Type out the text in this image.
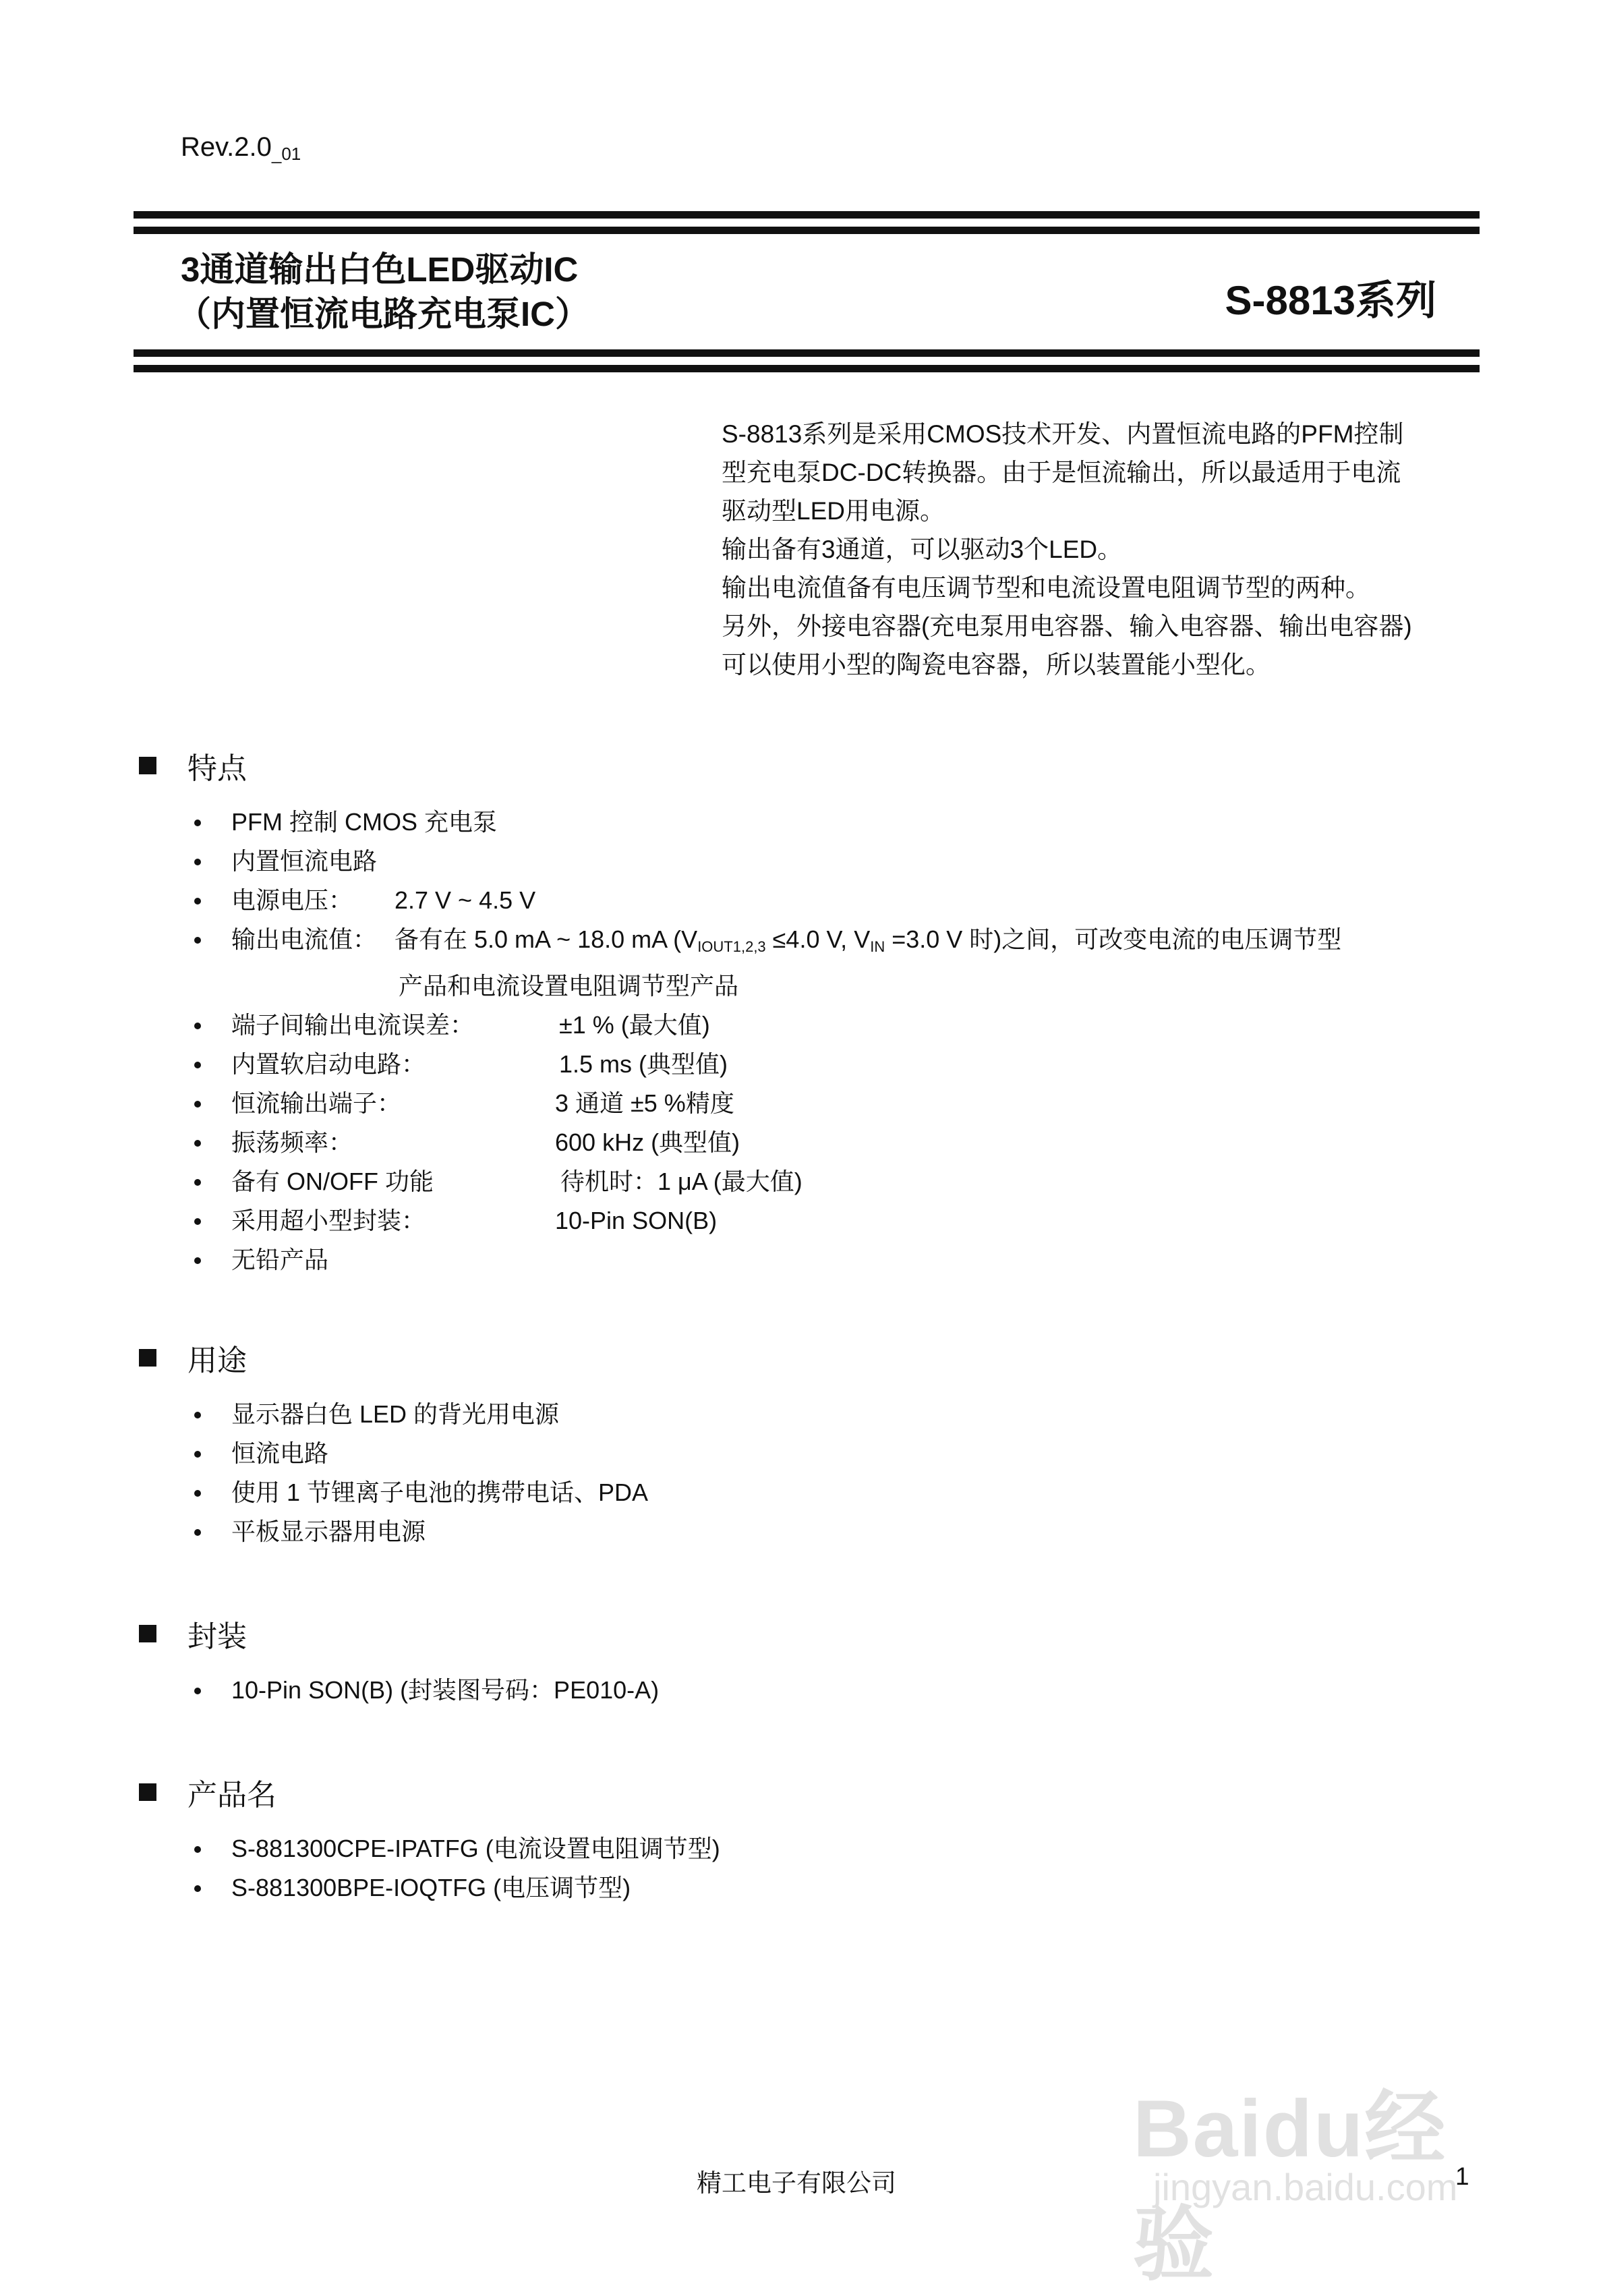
$Rev.2.0_{\_01}$
3通道输出白色LED驱动IC
（内置恒流电路充电泵IC）	S-8813系列

S-8813系列是采用CMOS技术开发、内置恒流电路的PFM控制

型充电泵DC-DC转换器。由于是恒流输出，所以最适用于电流

驱动型LED用电源。

输出备有3通道，可以驱动3个LED。

输出电流值备有电压调节型和电流设置电阻调节型的两种。

另外，外接电容器(充电泵用电容器、输入电容器、输出电容器)

可以使用小型的陶瓷电容器，所以装置能小型化。

特点
PFM 控制 CMOS 充电泵
内置恒流电路
电源电压： 2.7 V ~ 4.5 V
输出电流值： 备有在 5.0 mA ~ 18.0 mA ($V_{IOUT1,2,3} \le 4.0$ V, $V_{IN} =3.0$ V 时)之间，可改变电流的电压调节型
产品和电流设置电阻调节型产品
端子间输出电流误差：	±1 % (最大值)
内置软启动电路：	1.5 ms (典型值)
恒流输出端子：	3 通道 ±5 %精度
振荡频率：	600 kHz (典型值)
备有 ON/OFF 功能	待机时：1 μA (最大值)
采用超小型封装：	10-Pin SON(B)
无铅产品
用途
显示器白色 LED 的背光用电源
恒流电路
使用 1 节锂离子电池的携带电话、PDA
平板显示器用电源
封装
10-Pin SON(B) (封装图号码：PE010-A)
产品名
S-881300CPE-IPATFG (电流设置电阻调节型)
S-881300BPE-IOQTFG (电压调节型)
Baidu经验
jingyan.baidu.com
精工电子有限公司	1
